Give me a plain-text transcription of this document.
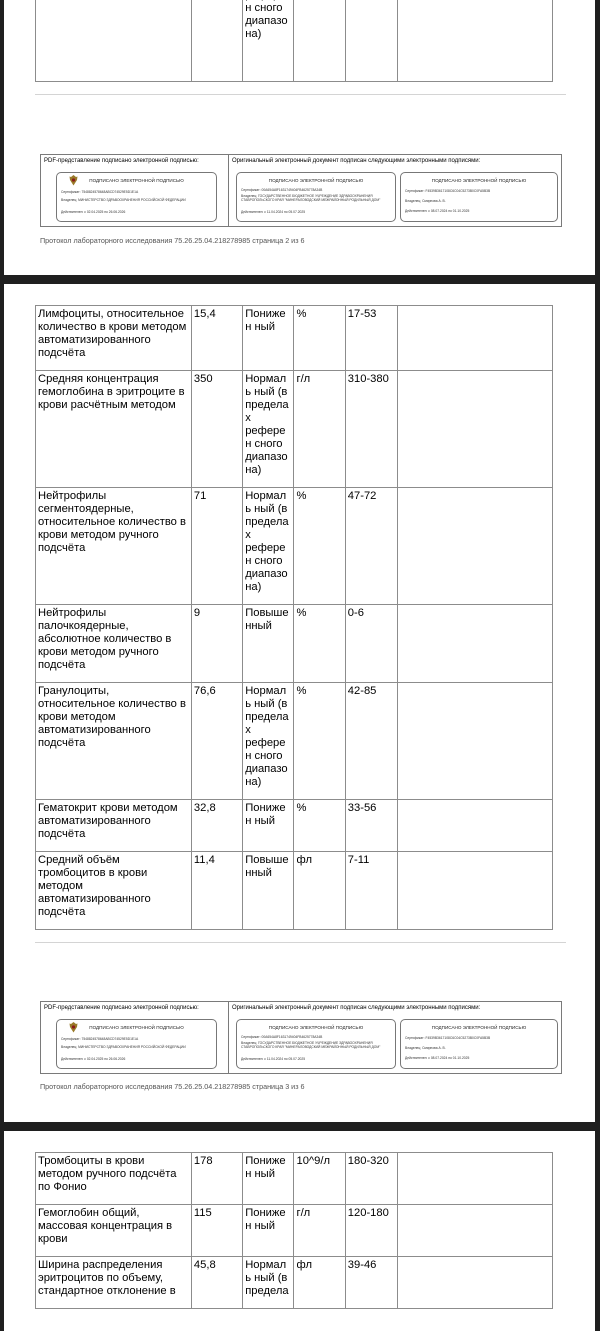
		н сного диапазо на)			
PDF-представление подписано электронной подписью:	Оригинальный электронный документ подписан следующими электронными подписями:
ПОДПИСАНО ЭЛЕКТРОННОЙ ПОДПИСЬЮ
Сертификат: 7548824578648ABCD74529E5D1E1A
Владелец: МИНИСТЕРСТВО ЗДРАВООХРАНЕНИЯ РОССИЙСКОЙ ФЕДЕРАЦИИ
Действителен: с 02.04.2025 по 26.06.2026
ПОДПИСАНО ЭЛЕКТРОННОЙ ПОДПИСЬЮ
Сертификат: 00A654A8F1631749404FB4625778A34B
Владелец: ГОСУДАРСТВЕННОЕ БЮДЖЕТНОЕ УЧРЕЖДЕНИЕ ЗДРАВООХРАНЕНИЯ СТАВРОПОЛЬСКОГО КРАЯ "МИНЕРАЛОВОДСКИЙ МЕЖРАЙОННЫЙ РОДИЛЬНЫЙ ДОМ"
Действителен: с 11.04.2024 по 05.07.2025
ПОДПИСАНО ЭЛЕКТРОННОЙ ПОДПИСЬЮ
Сертификат: F4539B3617108C6C04C5273B0C0FA5B3B
Владелец: Смирнова А. В.
Действителен: с 08.07.2024 по 01.10.2025
Протокол лабораторного исследования 75.26.25.04.218278985 страница 2 из 6
Лимфоциты, относительное количество в крови методом автоматизированного подсчёта	15,4	Понижен ный	%	17-53	
Средняя концентрация гемоглобина в эритроците в крови расчётным методом	350	Нормаль ный (в предела х референ сного диапазо на)	г/л	310-380	
Нейтрофилы сегментоядерные, относительное количество в крови методом ручного подсчёта	71	Нормаль ный (в предела х референ сного диапазо на)	%	47-72	
Нейтрофилы палочкоядерные, абсолютное количество в крови методом ручного подсчёта	9	Повыше нный	%	0-6	
Гранулоциты, относительное количество в крови методом автоматизированного подсчёта	76,6	Нормаль ный (в предела х референ сного диапазо на)	%	42-85	
Гематокрит крови методом автоматизированного подсчёта	32,8	Понижен ный	%	33-56	
Средний объём тромбоцитов в крови методом автоматизированного подсчёта	11,4	Повыше нный	фл	7-11	
PDF-представление подписано электронной подписью:	Оригинальный электронный документ подписан следующими электронными подписями:
ПОДПИСАНО ЭЛЕКТРОННОЙ ПОДПИСЬЮ
Сертификат: 7548824578648ABCD74529E5D1E1A
Владелец: МИНИСТЕРСТВО ЗДРАВООХРАНЕНИЯ РОССИЙСКОЙ ФЕДЕРАЦИИ
Действителен: с 02.04.2025 по 26.06.2026
ПОДПИСАНО ЭЛЕКТРОННОЙ ПОДПИСЬЮ
Сертификат: 00A654A8F1631749404FB4625778A34B
Владелец: ГОСУДАРСТВЕННОЕ БЮДЖЕТНОЕ УЧРЕЖДЕНИЕ ЗДРАВООХРАНЕНИЯ СТАВРОПОЛЬСКОГО КРАЯ "МИНЕРАЛОВОДСКИЙ МЕЖРАЙОННЫЙ РОДИЛЬНЫЙ ДОМ"
Действителен: с 11.04.2024 по 05.07.2025
ПОДПИСАНО ЭЛЕКТРОННОЙ ПОДПИСЬЮ
Сертификат: F4539B3617108C6C04C5273B0C0FA5B3B
Владелец: Смирнова А. В.
Действителен: с 08.07.2024 по 01.10.2025
Протокол лабораторного исследования 75.26.25.04.218278985 страница 3 из 6
Тромбоциты в крови методом ручного подсчёта по Фонио	178	Понижен ный	10^9/л	180-320	
Гемоглобин общий, массовая концентрация в крови	115	Понижен ный	г/л	120-180	
Ширина распределения эритроцитов по объему, стандартное отклонение в	45,8	Нормаль ный (в предела	фл	39-46	
